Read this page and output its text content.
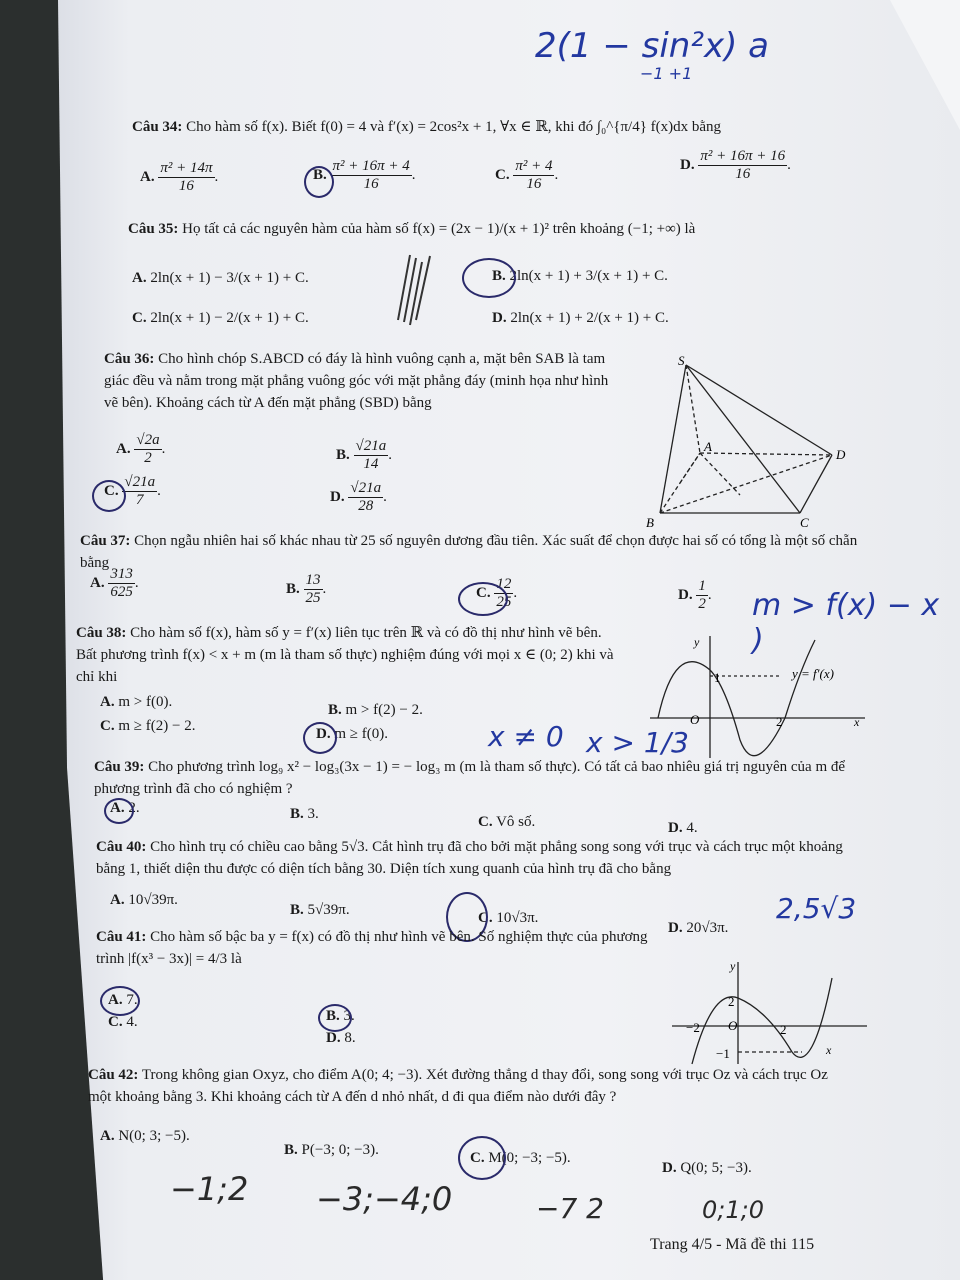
2(1 − sin²x) a
−1 +1
Câu 34: Cho hàm số f(x). Biết f(0) = 4 và f′(x) = 2cos²x + 1, ∀x ∈ ℝ, khi đó ∫₀^{π/4} f(x)dx bằng
A. $\frac{\text{π² + 14π}}{16}$ .	B. $\frac{\text{π² + 16π + 4}}{16}$ .	C. $\frac{\text{π² + 4}}{16}$ .
D. $\frac{\text{π² + 16π + 16}}{16}$ .
Câu 35: Họ tất cả các nguyên hàm của hàm số f(x) = (2x − 1)/(x + 1)² trên khoảng (−1; +∞) là
A. 2ln(x + 1) − 3/(x + 1) + C.	B. 2ln(x + 1) + 3/(x + 1) + C.
C. 2ln(x + 1) − 2/(x + 1) + C.	D. 2ln(x + 1) + 2/(x + 1) + C.
Câu 36: Cho hình chóp S.ABCD có đáy là hình vuông cạnh a, mặt bên SAB là tam giác đều và nằm trong mặt phẳng vuông góc với mặt phẳng đáy (minh họa như hình vẽ bên). Khoảng cách từ A đến mặt phẳng (SBD) bằng
A. $\frac{√2a}{2}$ .	B. $\frac{√21a}{14}$ .
C. $\frac{√21a}{7}$ .	D. $\frac{√21a}{28}$ .
S
A
B	C
D
Câu 37: Chọn ngẫu nhiên hai số khác nhau từ 25 số nguyên dương đầu tiên. Xác suất để chọn được hai số có tổng là một số chẵn bằng
A. $\frac{313}{625}$ .	B. $\frac{13}{25}$ .	C. $\frac{12}{25}$ .	D. $\frac{1}{2}$ . m > f(x) − x )
Câu 38: Cho hàm số f(x), hàm số y = f′(x) liên tục trên ℝ và có đồ thị như hình vẽ bên. Bất phương trình f(x) < x + m (m là tham số thực) nghiệm đúng với mọi x ∈ (0; 2) khi và chỉ khi
A. m > f(0).	B. m > f(2) − 2.
C. m ≥ f(2) − 2.	D. m ≥ f(0).	x ≠ 0 x > 1/3
y
x
O
1
2
y = f′(x)
Câu 39: Cho phương trình log₉ x² − log₃(3x − 1) = − log₃ m (m là tham số thực). Có tất cả bao nhiêu giá trị nguyên của m để phương trình đã cho có nghiệm ?
A. 2.	B. 3.	C. Vô số.	D. 4.
Câu 40: Cho hình trụ có chiều cao bằng 5√3. Cắt hình trụ đã cho bởi mặt phẳng song song với trục và cách trục một khoảng bằng 1, thiết diện thu được có diện tích bằng 30. Diện tích xung quanh của hình trụ đã cho bằng
A. 10√39π.
B. 5√39π.	C. 10√3π.
D. 20√3π.
2,5√3
Câu 41: Cho hàm số bậc ba y = f(x) có đồ thị như hình vẽ bên. Số nghiệm thực của phương trình |f(x³ − 3x)| = 4/3 là
A. 7.
B. 3.
C. 4.
D. 8.
y
x
O
2
−2	2
−1
Câu 42: Trong không gian Oxyz, cho điểm A(0; 4; −3). Xét đường thẳng d thay đổi, song song với trục Oz và cách trục Oz một khoảng bằng 3. Khi khoảng cách từ A đến d nhỏ nhất, d đi qua điểm nào dưới đây ?
A. N(0; 3; −5).
B. P(−3; 0; −3).	C. M(0; −3; −5).
D. Q(0; 5; −3).
−1;2 −3;−4;0	−7 2	0;1;0
Trang 4/5 - Mã đề thi 115
